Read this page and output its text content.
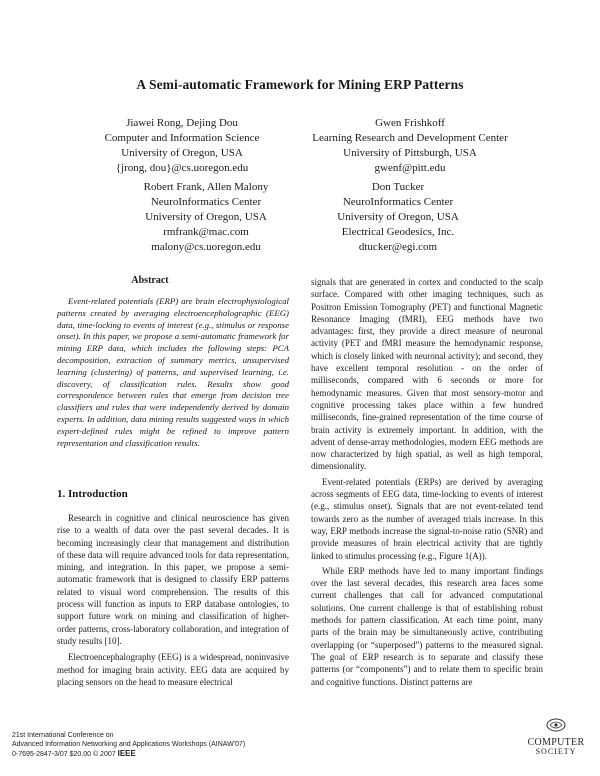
A Semi-automatic Framework for Mining ERP Patterns
Jiawei Rong, Dejing Dou
Computer and Information Science
University of Oregon, USA
{jrong, dou}@cs.uoregon.edu
Gwen Frishkoff
Learning Research and Development Center
University of Pittsburgh, USA
gwenf@pitt.edu
Robert Frank, Allen Malony
NeuroInformatics Center
University of Oregon, USA
rmfrank@mac.com
malony@cs.uoregon.edu
Don Tucker
NeuroInformatics Center
University of Oregon, USA
Electrical Geodesics, Inc.
dtucker@egi.com
Abstract

Event-related potentials (ERP) are brain electrophysiological patterns created by averaging electroencephalographic (EEG) data, time-locking to events of interest (e.g., stimulus or response onset). In this paper, we propose a semi-automatic framework for mining ERP data, which includes the following steps: PCA decomposition, extraction of summary metrics, unsupervised learning (clustering) of patterns, and supervised learning, i.e. discovery, of classification rules. Results show good correspondence between rules that emerge from decision tree classifiers and rules that were independently derived by domain experts. In addition, data mining results suggested ways in which expert-defined rules might be refined to improve pattern representation and classification results.

1. Introduction

Research in cognitive and clinical neuroscience has given rise to a wealth of data over the past several decades. It is becoming increasingly clear that management and distribution of these data will require advanced tools for data representation, mining, and integration. In this paper, we propose a semi-automatic framework that is designed to classify ERP patterns related to visual word comprehension. The results of this process will function as inputs to ERP database ontologies, to support future work on mining and classification of higher-order patterns, cross-laboratory collaboration, and integration of study results [10].

Electroencephalography (EEG) is a widespread, noninvasive method for imaging brain activity. EEG data are acquired by placing sensors on the head to measure electrical

signals that are generated in cortex and conducted to the scalp surface. Compared with other imaging techniques, such as Positron Emission Tomography (PET) and functional Magnetic Resonance Imaging (fMRI), EEG methods have two advantages: first, they provide a direct measure of neuronal activity (PET and fMRI measure the hemodynamic response, which is closely linked with neuronal activity); and second, they have excellent temporal resolution - on the order of milliseconds, compared with 6 seconds or more for hemodynamic measures. Given that most sensory-motor and cognitive processing takes place within a few hundred milliseconds, fine-grained representation of the time course of brain activity is extremely important. In addition, with the advent of dense-array methodologies, modern EEG methods are now characterized by high spatial, as well as high temporal, dimensionality.

Event-related potentials (ERPs) are derived by averaging across segments of EEG data, time-locking to events of interest (e.g., stimulus onset). Signals that are not event-related tend towards zero as the number of averaged trials increase. In this way, ERP methods increase the signal-to-noise ratio (SNR) and provide measures of brain electrical activity that are tightly linked to stimulus processing (e.g., Figure 1(A)).

While ERP methods have led to many important findings over the last several decades, this research area faces some current challenges that call for advanced computational solutions. One current challenge is that of establishing robust methods for pattern classification. At each time point, many parts of the brain may be simultaneously active, contributing overlapping (or “superposed”) patterns to the measured signal. The goal of ERP research is to separate and classify these patterns (or “components”) and to relate them to specific brain and cognitive functions. Distinct patterns are

21st International Conference on
Advanced Information Networking and Applications Workshops (AINAW'07)
0-7695-2847-3/07 $20.00 © 2007 IEEE
COMPUTER
SOCIETY
